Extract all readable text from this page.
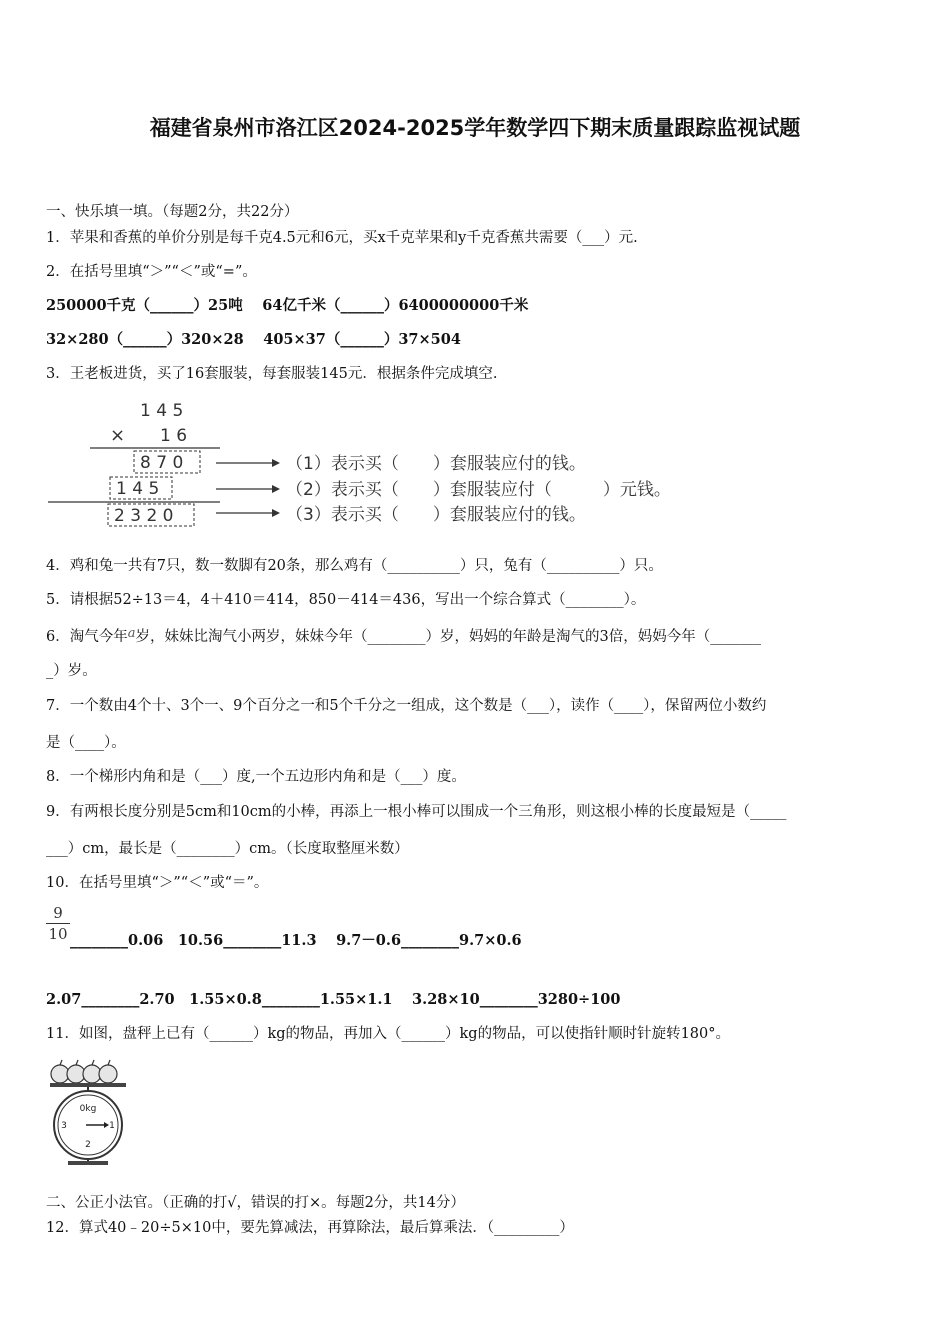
福建省泉州市洛江区2024-2025学年数学四下期末质量跟踪监视试题
一、快乐填一填。（每题2分，共22分）
1．苹果和香蕉的单价分别是每千克4.5元和6元，买x千克苹果和y千克香蕉共需要（___）元.
2．在括号里填“＞”“＜”或“=”。
250000千克（______）25吨　 64亿千米（______）6400000000千米
32×280（______）320×28　 405×37（______）37×504
3．王老板进货，买了16套服装，每套服装145元．根据条件完成填空.
1 4 5
× 1 6
8 7 0	（1）表示买（　　）套服装应付的钱。
1 4 5	（2）表示买（　　）套服装应付（　　　）元钱。
2 3 2 0	（3）表示买（　　）套服装应付的钱。
4．鸡和兔一共有7只，数一数脚有20条，那么鸡有（__________）只，兔有（__________）只。
5．请根据52÷13＝4，4＋410＝414，850－414＝436，写出一个综合算式（________）。
6．淘气今年a岁，妹妹比淘气小两岁，妹妹今年（________）岁，妈妈的年龄是淘气的3倍，妈妈今年（_______
_）岁。
7．一个数由4个十、3个一、9个百分之一和5个千分之一组成，这个数是（___），读作（____），保留两位小数约
是（____）。
8．一个梯形内角和是（___）度,一个五边形内角和是（___）度。
9．有两根长度分别是5cm和10cm的小棒，再添上一根小棒可以围成一个三角形，则这根小棒的长度最短是（_____
___）cm，最长是（________）cm。（长度取整厘米数）
10．在括号里填“＞”“＜”或“＝”。
9
10 ________0.06　10.56________11.3　 9.7－0.6________9.7×0.6
2.07________2.70　1.55×0.8________1.55×1.1　 3.28×10________3280÷100
11．如图，盘秤上已有（______）kg的物品，再加入（______）kg的物品，可以使指针顺时针旋转180°。
0kg
3	1
2
二、公正小法官。（正确的打√，错误的打×。每题2分，共14分）
12．算式40﹣20÷5×10中，要先算减法，再算除法，最后算乘法．（_________）
